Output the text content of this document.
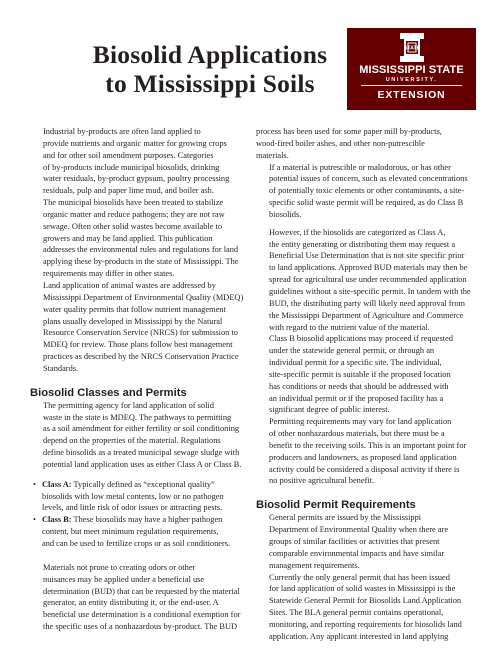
Biosolid Applications
to Mississippi Soils
STATE
MISSISSIPPI STATE
UNIVERSITY.
EXTENSION

Industrial by-products are often land applied to
provide nutrients and organic matter for growing crops
and for other soil amendment purposes. Categories
of by-products include municipal biosolids, drinking
water residuals, by-product gypsum, poultry processing
residuals, pulp and paper lime mud, and boiler ash.

The municipal biosolids have been treated to stabilize
organic matter and reduce pathogens; they are not raw
sewage. Often other solid wastes become available to
growers and may be land applied. This publication
addresses the environmental rules and regulations for land
applying these by-products in the state of Mississippi. The
requirements may differ in other states.

Land application of animal wastes are addressed by
Mississippi Department of Environmental Quality (MDEQ)
water quality permits that follow nutrient management
plans usually developed in Mississippi by the Natural
Resource Conservation Service (NRCS) for submission to
MDEQ for review. Those plans follow best management
practices as described by the NRCS Conservation Practice
Standards.

Biosolid Classes and Permits

The permitting agency for land application of solid
waste in the state is MDEQ. The pathways to permitting
as a soil amendment for either fertility or soil conditioning
depend on the properties of the material. Regulations
define biosolids as a treated municipal sewage sludge with
potential land application uses as either Class A or Class B.

• Class A: Typically defined as “exceptional quality”
biosolids with low metal contents, low or no pathogen
levels, and little risk of odor issues or attracting pests.
• Class B: These biosolids may have a higher pathogen
content, but meet minimum regulation requirements,
and can be used to fertilize crops or as soil conditioners.

Materials not prone to creating odors or other
nuisances may be applied under a beneficial use
determination (BUD) that can be requested by the material
generator, an entity distributing it, or the end-user. A
beneficial use determination is a conditional exemption for
the specific uses of a nonhazardous by-product. The BUD

process has been used for some paper mill by-products,
wood-fired boiler ashes, and other non-putrescible
materials.

If a material is putrescible or malodorous, or has other
potential issues of concern, such as elevated concentrations
of potentially toxic elements or other contaminants, a site-
specific solid waste permit will be required, as do Class B
biosolids.

However, if the biosolids are categorized as Class A,
the entity generating or distributing them may request a
Beneficial Use Determination that is not site specific prior
to land applications. Approved BUD materials may then be
spread for agricultural use under recommended application
guidelines without a site-specific permit. In tandem with the
BUD, the distributing party will likely need approval from
the Mississippi Department of Agriculture and Commerce
with regard to the nutrient value of the material.

Class B biosolid applications may proceed if requested
under the statewide general permit, or through an
individual permit for a specific site. The individual,
site-specific permit is suitable if the proposed location
has conditions or needs that should be addressed with
an individual permit or if the proposed facility has a
significant degree of public interest.

Permitting requirements may vary for land application
of other nonhazardous materials, but there must be a
benefit to the receiving soils. This is an important point for
producers and landowners, as proposed land application
activity could be considered a disposal activity if there is
no positive agricultural benefit.

Biosolid Permit Requirements

General permits are issued by the Mississippi
Department of Environmental Quality when there are
groups of similar facilities or activities that present
comparable environmental impacts and have similar
management requirements.

Currently the only general permit that has been issued
for land application of solid wastes in Mississippi is the
Statewide General Permit for Biosolids Land Application
Sites. The BLA general permit contains operational,
monitoring, and reporting requirements for biosolids land
application. Any applicant interested in land applying
